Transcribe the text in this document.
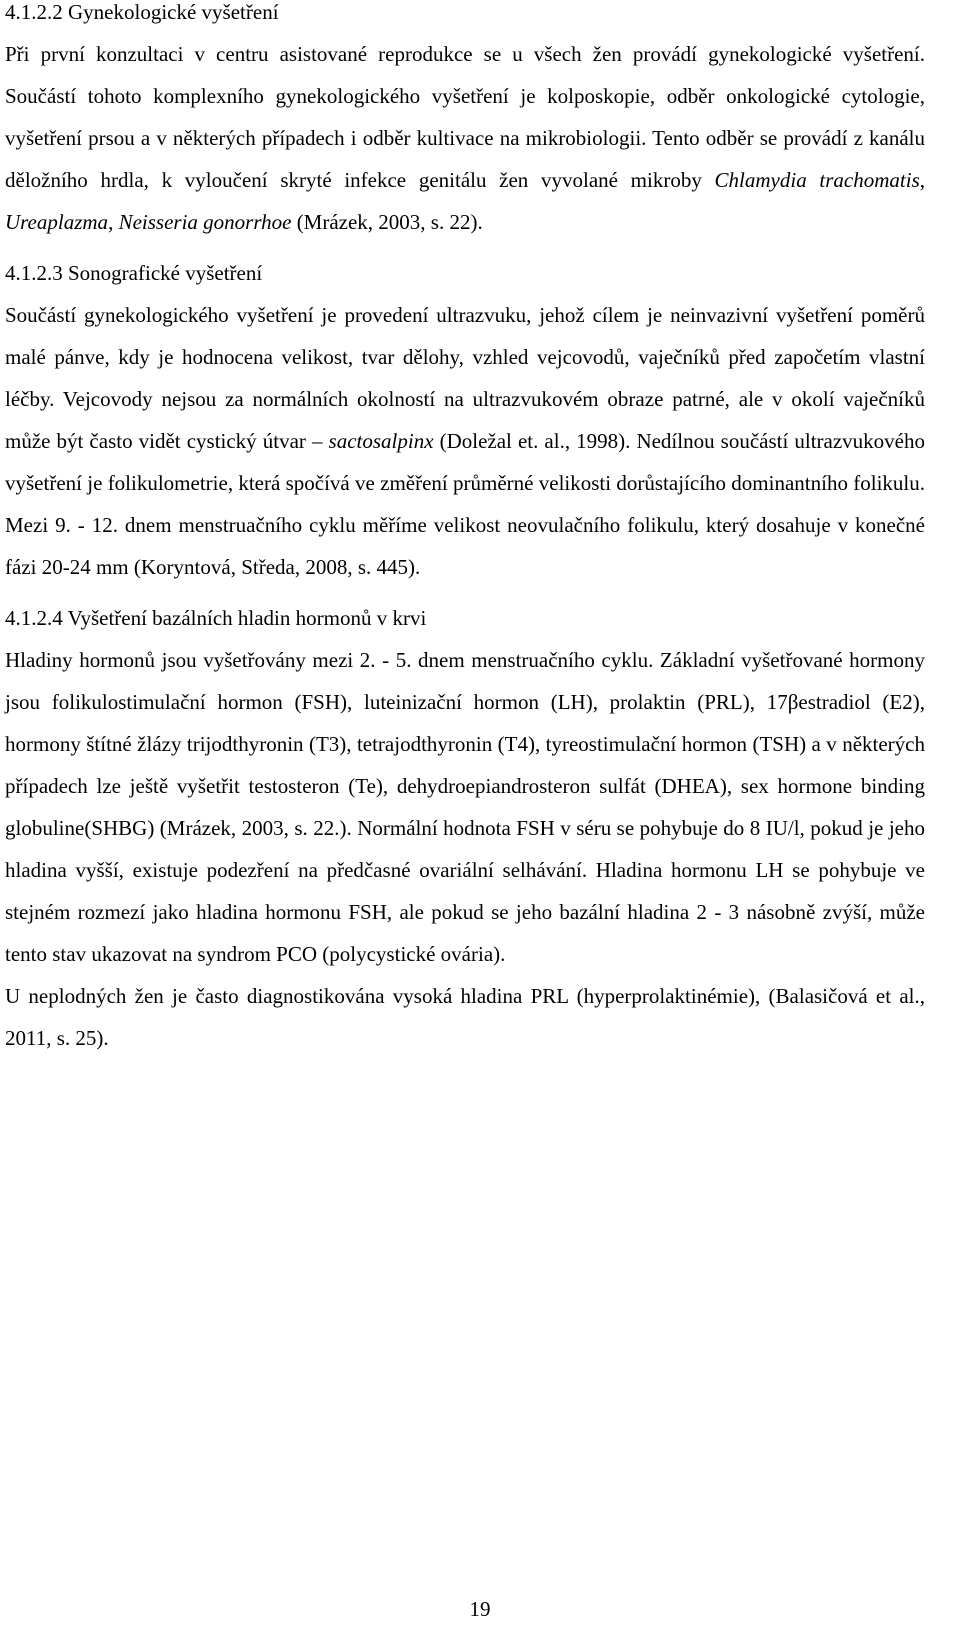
4.1.2.2 Gynekologické vyšetření

Při první konzultaci v centru asistované reprodukce se u všech žen provádí gynekologické vyšetření. Součástí tohoto komplexního gynekologického vyšetření je kolposkopie, odběr onkologické cytologie, vyšetření prsou a v některých případech i odběr kultivace na mikrobiologii. Tento odběr se provádí z kanálu děložního hrdla, k vyloučení skryté infekce genitálu žen vyvolané mikroby Chlamydia trachomatis, Ureaplazma, Neisseria gonorrhoe (Mrázek, 2003, s. 22).

4.1.2.3 Sonografické vyšetření

Součástí gynekologického vyšetření je provedení ultrazvuku, jehož cílem je neinvazivní vyšetření poměrů malé pánve, kdy je hodnocena velikost, tvar dělohy, vzhled vejcovodů, vaječníků před započetím vlastní léčby. Vejcovody nejsou za normálních okolností na ultrazvukovém obraze patrné, ale v okolí vaječníků může být často vidět cystický útvar – sactosalpinx (Doležal et. al., 1998). Nedílnou součástí ultrazvukového vyšetření je folikulometrie, která spočívá ve změření průměrné velikosti dorůstajícího dominantního folikulu. Mezi 9. - 12. dnem menstruačního cyklu měříme velikost neovulačního folikulu, který dosahuje v konečné fázi 20-24 mm (Koryntová, Středa, 2008, s. 445).

4.1.2.4 Vyšetření bazálních hladin hormonů v krvi

Hladiny hormonů jsou vyšetřovány mezi 2. - 5. dnem menstruačního cyklu. Základní vyšetřované hormony jsou folikulostimulační hormon (FSH), luteinizační hormon (LH), prolaktin (PRL), 17βestradiol (E2), hormony štítné žlázy trijodthyronin (T3), tetrajodthyronin (T4), tyreostimulační hormon (TSH) a v některých případech lze ještě vyšetřit testosteron (Te), dehydroepiandrosteron sulfát (DHEA), sex hormone binding globuline(SHBG) (Mrázek, 2003, s. 22.). Normální hodnota FSH v séru se pohybuje do 8 IU/l, pokud je jeho hladina vyšší, existuje podezření na předčasné ovariální selhávání. Hladina hormonu LH se pohybuje ve stejném rozmezí jako hladina hormonu FSH, ale pokud se jeho bazální hladina 2 - 3 násobně zvýší, může tento stav ukazovat na syndrom PCO (polycystické ovária).

U neplodných žen je často diagnostikována vysoká hladina PRL (hyperprolaktinémie), (Balasičová et al., 2011, s. 25).

19
